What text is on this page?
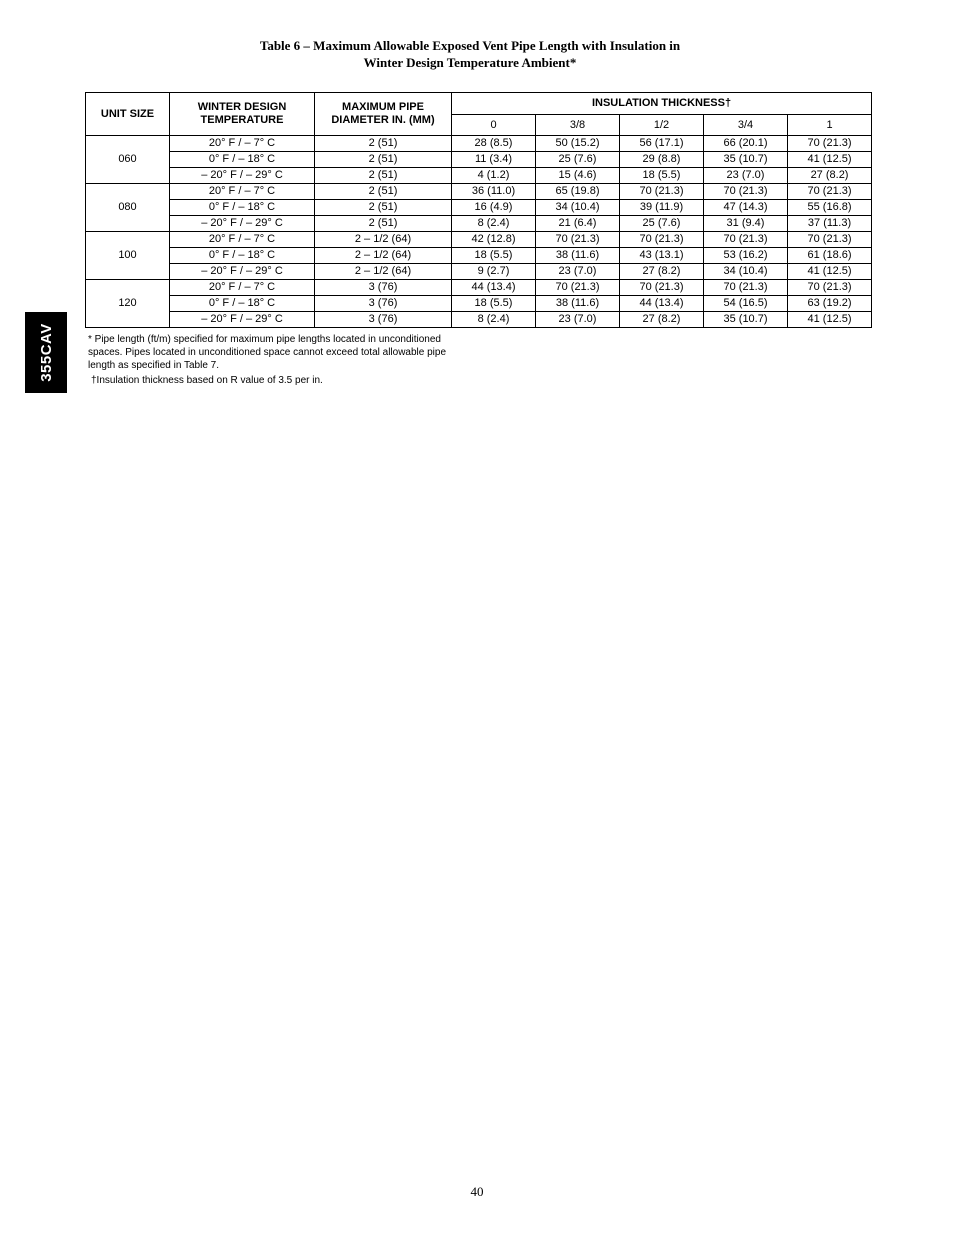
Table 6 – Maximum Allowable Exposed Vent Pipe Length with Insulation in
Winter Design Temperature Ambient*
UNIT SIZE	WINTER DESIGN TEMPERATURE	MAXIMUM PIPE DIAMETER IN. (MM)	INSULATION THICKNESS†				
			0	3/8	1/2	3/4	1
060	20° F / – 7° C	2 (51)	28 (8.5)	50 (15.2)	56 (17.1)	66 (20.1)	70 (21.3)
	0° F / – 18° C	2 (51)	11 (3.4)	25 (7.6)	29 (8.8)	35 (10.7)	41 (12.5)
	– 20° F / – 29° C	2 (51)	4 (1.2)	15 (4.6)	18 (5.5)	23 (7.0)	27 (8.2)
080	20° F / – 7° C	2 (51)	36 (11.0)	65 (19.8)	70 (21.3)	70 (21.3)	70 (21.3)
	0° F / – 18° C	2 (51)	16 (4.9)	34 (10.4)	39 (11.9)	47 (14.3)	55 (16.8)
	– 20° F / – 29° C	2 (51)	8 (2.4)	21 (6.4)	25 (7.6)	31 (9.4)	37 (11.3)
100	20° F / – 7° C	2 – 1/2 (64)	42 (12.8)	70 (21.3)	70 (21.3)	70 (21.3)	70 (21.3)
	0° F / – 18° C	2 – 1/2 (64)	18 (5.5)	38 (11.6)	43 (13.1)	53 (16.2)	61 (18.6)
	– 20° F / – 29° C	2 – 1/2 (64)	9 (2.7)	23 (7.0)	27 (8.2)	34 (10.4)	41 (12.5)
120	20° F / – 7° C	3 (76)	44 (13.4)	70 (21.3)	70 (21.3)	70 (21.3)	70 (21.3)
	0° F / – 18° C	3 (76)	18 (5.5)	38 (11.6)	44 (13.4)	54 (16.5)	63 (19.2)
	– 20° F / – 29° C	3 (76)	8 (2.4)	23 (7.0)	27 (8.2)	35 (10.7)	41 (12.5)
* Pipe length (ft/m) specified for maximum pipe lengths located in unconditioned spaces. Pipes located in unconditioned space cannot exceed total allowable pipe length as specified in Table 7.
†Insulation thickness based on R value of 3.5 per in.
355CAV
40
